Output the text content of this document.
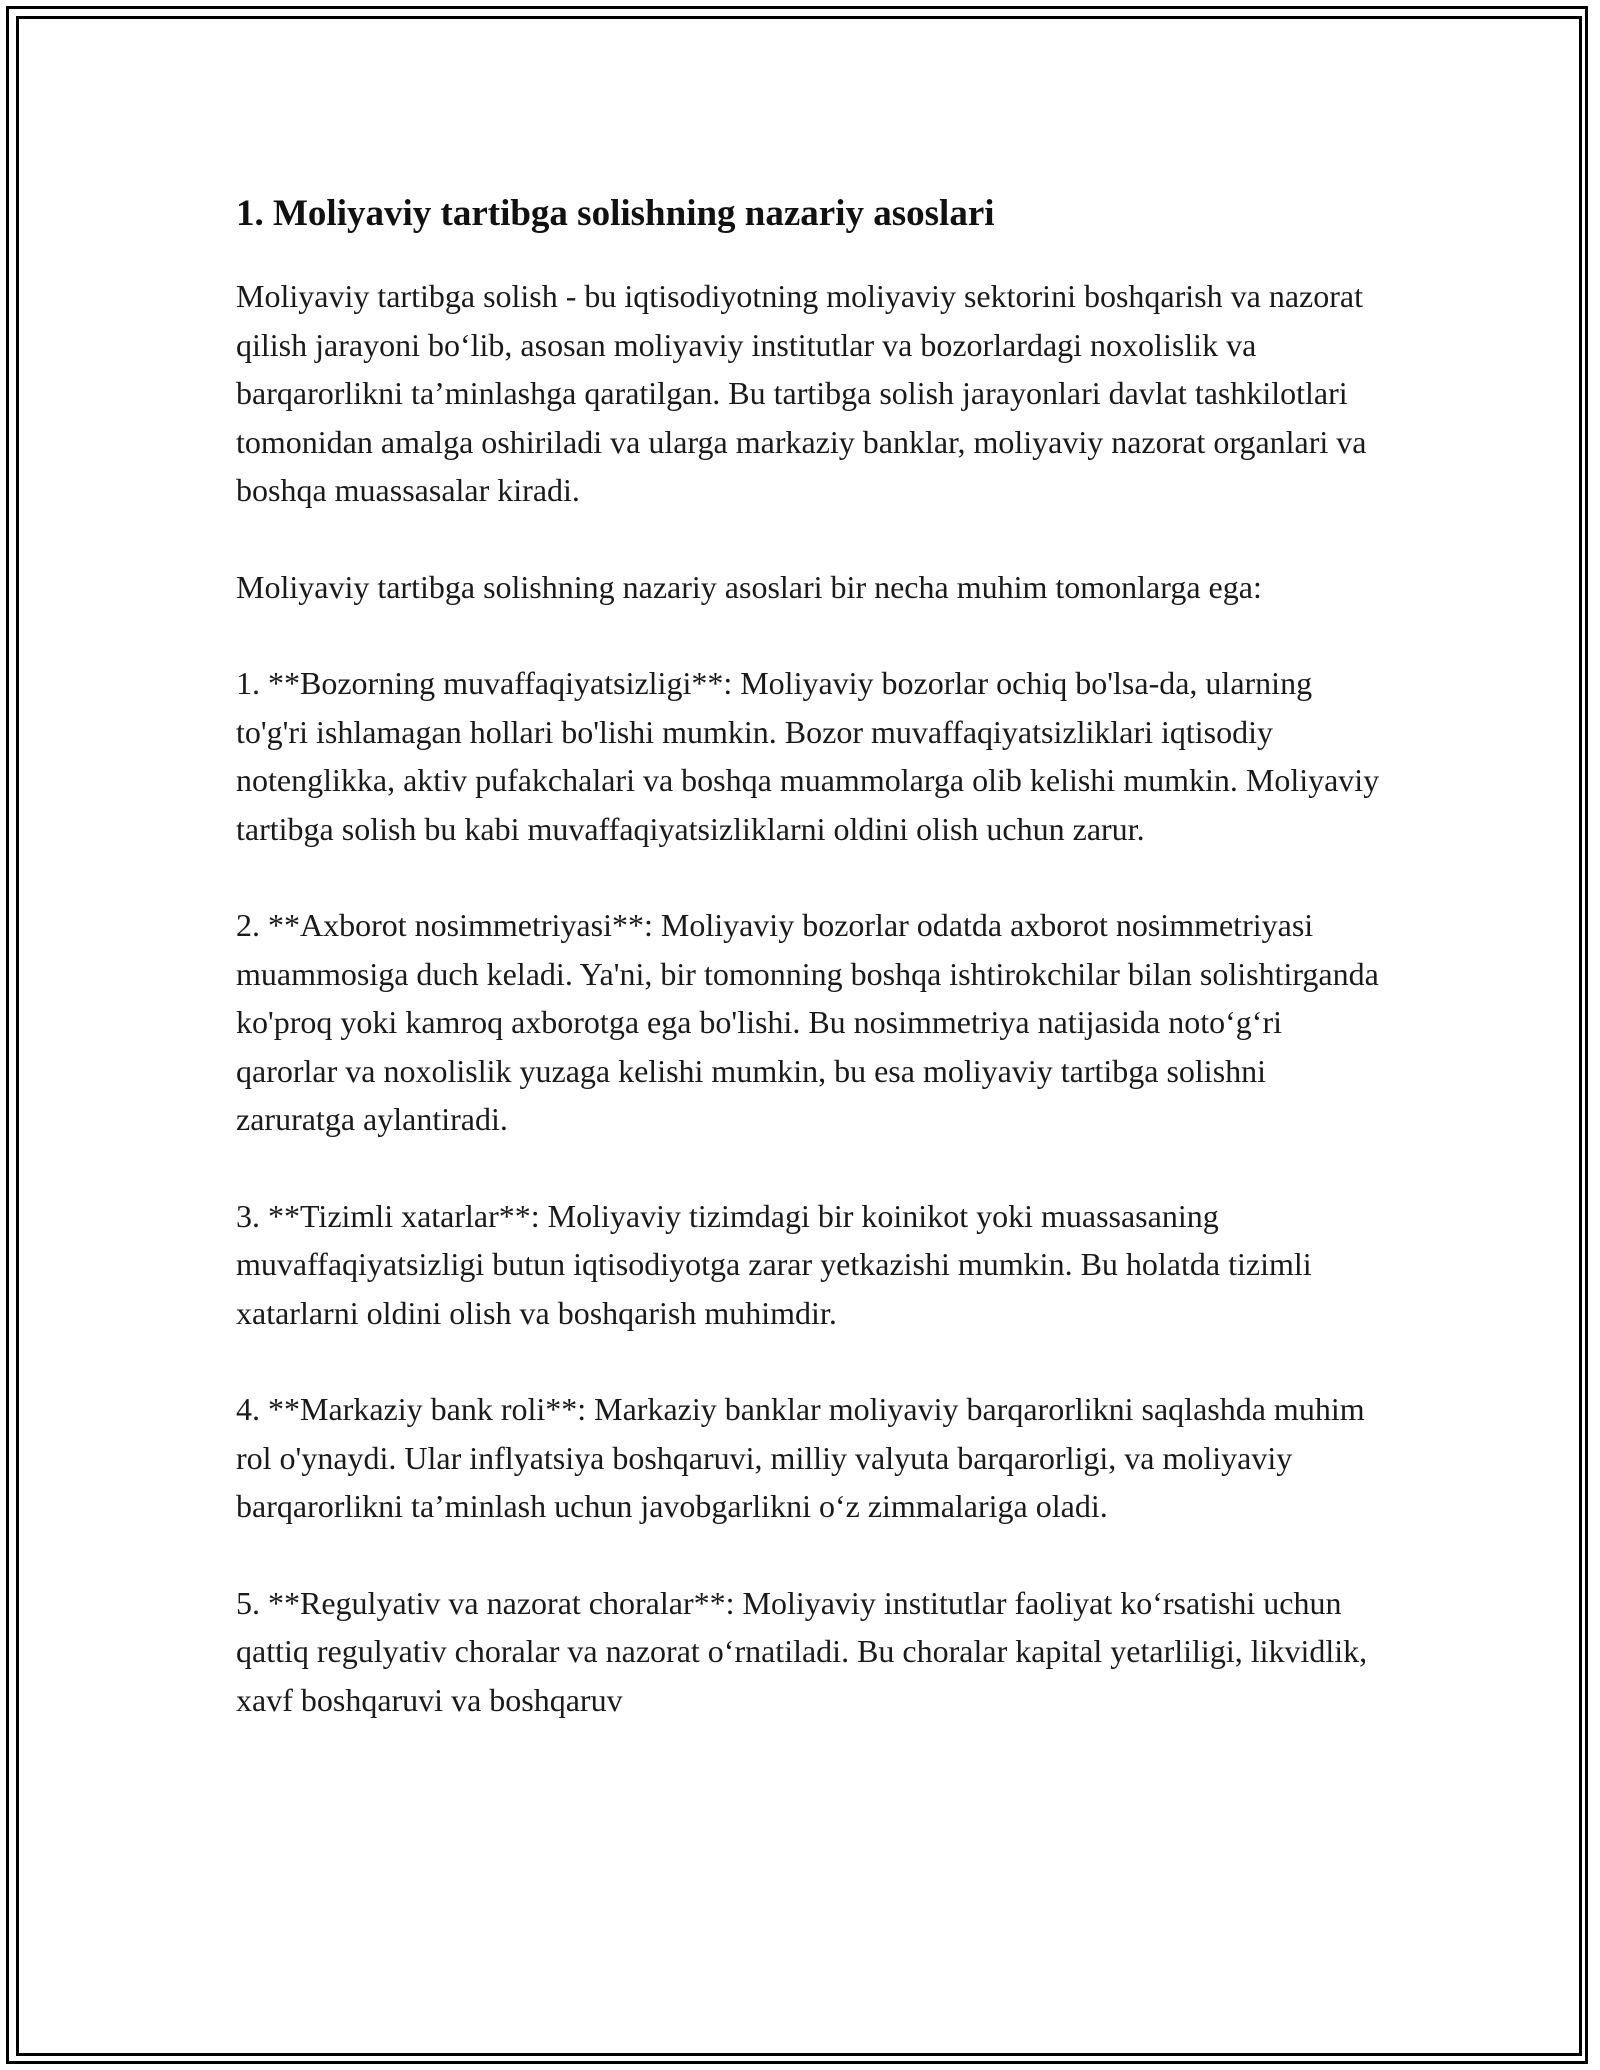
1. Moliyaviy tartibga solishning nazariy asoslari

Moliyaviy tartibga solish - bu iqtisodiyotning moliyaviy sektorini boshqarish va nazorat qilish jarayoni bo‘lib, asosan moliyaviy institutlar va bozorlardagi noxolislik va barqarorlikni ta’minlashga qaratilgan. Bu tartibga solish jarayonlari davlat tashkilotlari tomonidan amalga oshiriladi va ularga markaziy banklar, moliyaviy nazorat organlari va boshqa muassasalar kiradi.

Moliyaviy tartibga solishning nazariy asoslari bir necha muhim tomonlarga ega:

1. **Bozorning muvaffaqiyatsizligi**: Moliyaviy bozorlar ochiq bo'lsa-da, ularning to'g'ri ishlamagan hollari bo'lishi mumkin. Bozor muvaffaqiyatsizliklari iqtisodiy notenglikka, aktiv pufakchalari va boshqa muammolarga olib kelishi mumkin. Moliyaviy tartibga solish bu kabi muvaffaqiyatsizliklarni oldini olish uchun zarur.

2. **Axborot nosimmetriyasi**: Moliyaviy bozorlar odatda axborot nosimmetriyasi muammosiga duch keladi. Ya'ni, bir tomonning boshqa ishtirokchilar bilan solishtirganda ko'proq yoki kamroq axborotga ega bo'lishi. Bu nosimmetriya natijasida noto‘g‘ri qarorlar va noxolislik yuzaga kelishi mumkin, bu esa moliyaviy tartibga solishni zaruratga aylantiradi.

3. **Tizimli xatarlar**: Moliyaviy tizimdagi bir koinikot yoki muassasaning muvaffaqiyatsizligi butun iqtisodiyotga zarar yetkazishi mumkin. Bu holatda tizimli xatarlarni oldini olish va boshqarish muhimdir.

4. **Markaziy bank roli**: Markaziy banklar moliyaviy barqarorlikni saqlashda muhim rol o'ynaydi. Ular inflyatsiya boshqaruvi, milliy valyuta barqarorligi, va moliyaviy barqarorlikni ta’minlash uchun javobgarlikni o‘z zimmalariga oladi.

5. **Regulyativ va nazorat choralar**: Moliyaviy institutlar faoliyat ko‘rsatishi uchun qattiq regulyativ choralar va nazorat o‘rnatiladi. Bu choralar kapital yetarliligi, likvidlik, xavf boshqaruvi va boshqaruv
